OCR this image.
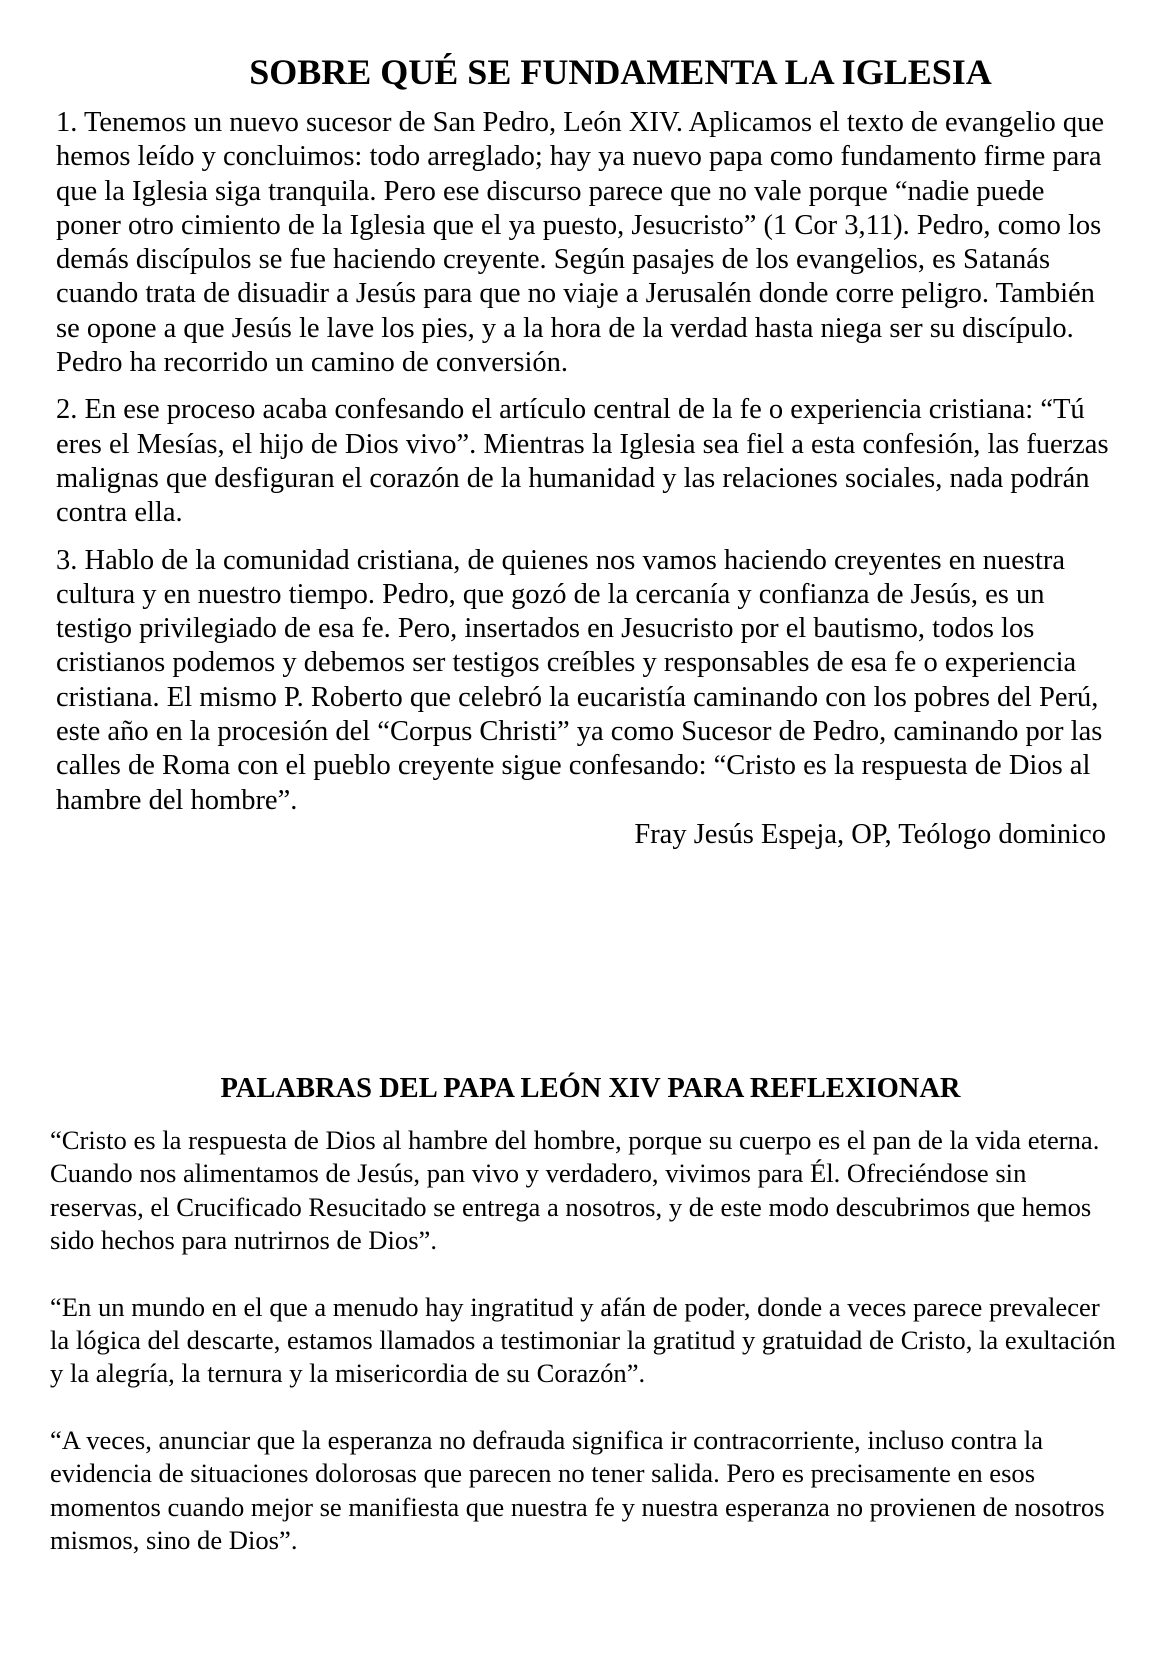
SOBRE QUÉ SE FUNDAMENTA LA IGLESIA

1. Tenemos un nuevo sucesor de San Pedro, León XIV. Aplicamos el texto de evangelio que hemos leído y concluimos: todo arreglado; hay ya nuevo papa como fundamento firme para que la Iglesia siga tranquila. Pero ese discurso parece que no vale porque “nadie puede poner otro cimiento de la Iglesia que el ya puesto, Jesucristo” (1 Cor 3,11). Pedro, como los demás discípulos se fue haciendo creyente. Según pasajes de los evangelios, es Satanás cuando trata de disuadir a Jesús para que no viaje a Jerusalén donde corre peligro. También se opone a que Jesús le lave los pies, y a la hora de la verdad hasta niega ser su discípulo. Pedro ha recorrido un camino de conversión.

2. En ese proceso acaba confesando el artículo central de la fe o experiencia cristiana: “Tú eres el Mesías, el hijo de Dios vivo”. Mientras la Iglesia sea fiel a esta confesión, las fuerzas malignas que desfiguran el corazón de la humanidad y las relaciones sociales, nada podrán contra ella.

3. Hablo de la comunidad cristiana, de quienes nos vamos haciendo creyentes en nuestra cultura y en nuestro tiempo. Pedro, que gozó de la cercanía y confianza de Jesús, es un testigo privilegiado de esa fe. Pero, insertados en Jesucristo por el bautismo, todos los cristianos podemos y debemos ser testigos creíbles y responsables de esa fe o experiencia cristiana. El mismo P. Roberto que celebró la eucaristía caminando con los pobres del Perú, este año en la procesión del “Corpus Christi” ya como Sucesor de Pedro, caminando por las calles de Roma con el pueblo creyente sigue confesando: “Cristo es la respuesta de Dios al hambre del hombre”.

Fray Jesús Espeja, OP, Teólogo dominico

PALABRAS DEL PAPA LEÓN XIV PARA REFLEXIONAR

“Cristo es la respuesta de Dios al hambre del hombre, porque su cuerpo es el pan de la vida eterna. Cuando nos alimentamos de Jesús, pan vivo y verdadero, vivimos para Él. Ofreciéndose sin reservas, el Crucificado Resucitado se entrega a nosotros, y de este modo descubrimos que hemos sido hechos para nutrirnos de Dios”.

“En un mundo en el que a menudo hay ingratitud y afán de poder, donde a veces parece prevalecer la lógica del descarte, estamos llamados a testimoniar la gratitud y gratuidad de Cristo, la exultación y la alegría, la ternura y la misericordia de su Corazón”.

“A veces, anunciar que la esperanza no defrauda significa ir contracorriente, incluso contra la evidencia de situaciones dolorosas que parecen no tener salida. Pero es precisamente en esos momentos cuando mejor se manifiesta que nuestra fe y nuestra esperanza no provienen de nosotros mismos, sino de Dios”.
